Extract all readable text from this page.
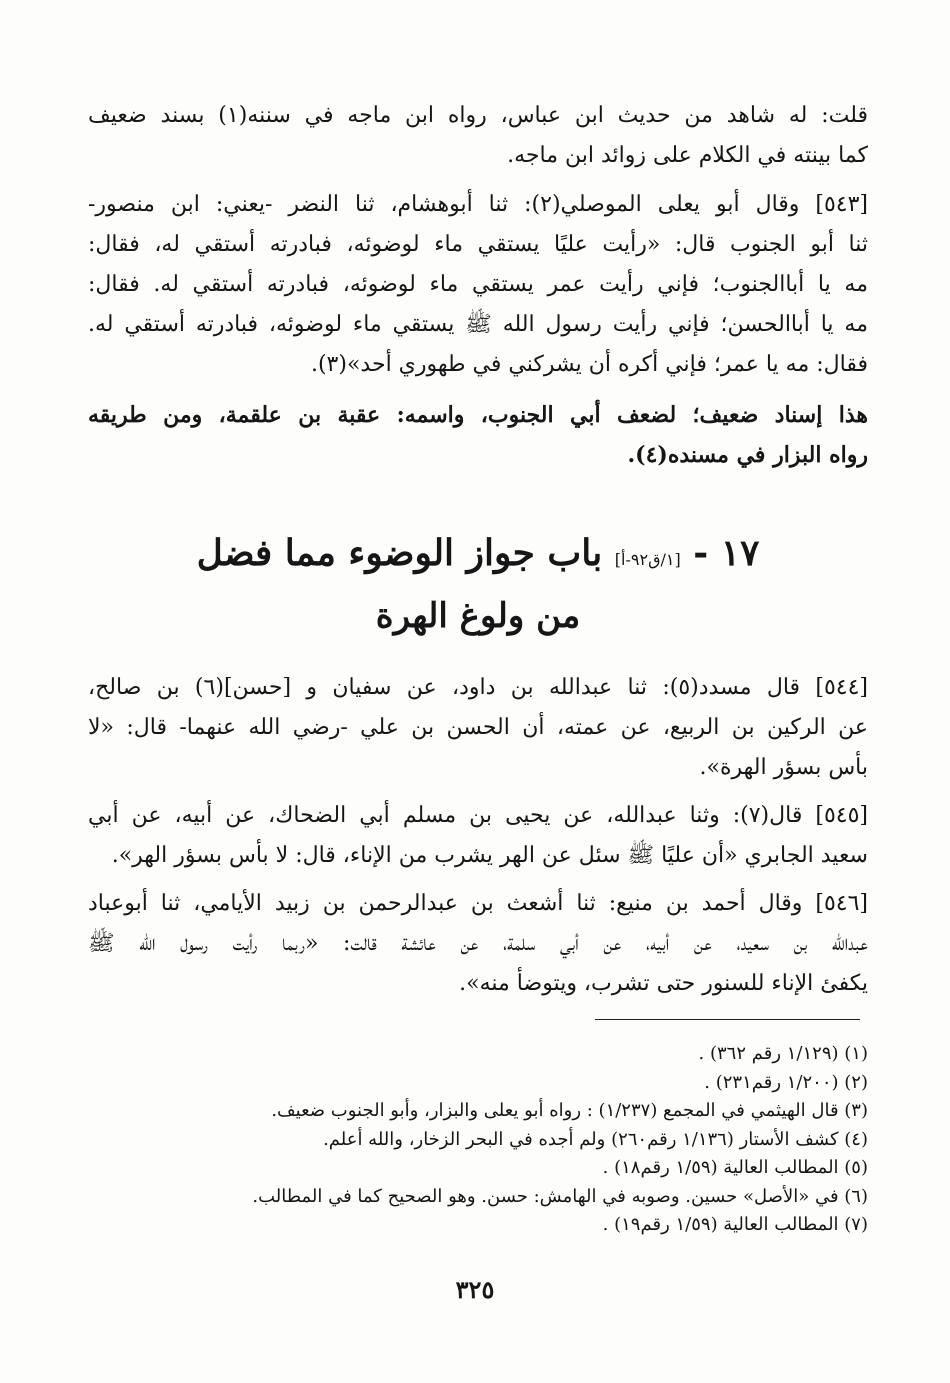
قلت: له شاهد من حديث ابن عباس، رواه ابن ماجه في سننه(١) بسند ضعيف
كما بينته في الكلام على زوائد ابن ماجه.
[٥٤٣] وقال أبو يعلى الموصلي(٢): ثنا أبوهشام، ثنا النضر -يعني: ابن منصور-
ثنا أبو الجنوب قال: «رأيت عليًا يستقي ماء لوضوئه، فبادرته أستقي له، فقال:
مه يا أباالجنوب؛ فإني رأيت عمر يستقي ماء لوضوئه، فبادرته أستقي له. فقال:
مه يا أباالحسن؛ فإني رأيت رسول الله ﷺ يستقي ماء لوضوئه، فبادرته أستقي له.
فقال: مه يا عمر؛ فإني أكره أن يشركني في طهوري أحد»(٣).
هذا إسناد ضعيف؛ لضعف أبي الجنوب، واسمه: عقبة بن علقمة، ومن طريقه
رواه البزار في مسنده(٤).
١٧ - [١/ق٩٢-أ] باب جواز الوضوء مما فضل
من ولوغ الهرة
[٥٤٤] قال مسدد(٥): ثنا عبدالله بن داود، عن سفيان و [حسن](٦) بن صالح،
عن الركين بن الربيع، عن عمته، أن الحسن بن علي -رضي الله عنهما- قال: «لا
بأس بسؤر الهرة».
[٥٤٥] قال(٧): وثنا عبدالله، عن يحيى بن مسلم أبي الضحاك، عن أبيه، عن أبي
سعيد الجابري «أن عليًا ﷺ سئل عن الهر يشرب من الإناء، قال: لا بأس بسؤر الهر».
[٥٤٦] وقال أحمد بن منيع: ثنا أشعث بن عبدالرحمن بن زبيد الأيامي، ثنا أبوعباد
عبدالله بن سعيد، عن أبيه، عن أبي سلمة، عن عائشة قالت: «ربما رأيت رسول الله ﷺ
يكفئ الإناء للسنور حتى تشرب، ويتوضأ منه».
(١) (١/١٢٩ رقم ٣٦٢) .
(٢) (١/٢٠٠ رقم٢٣١) .
(٣) قال الهيثمي في المجمع (١/٢٣٧) : رواه أبو يعلى والبزار، وأبو الجنوب ضعيف.
(٤) كشف الأستار (١/١٣٦ رقم٢٦٠) ولم أجده في البحر الزخار، والله أعلم.
(٥) المطالب العالية (١/٥٩ رقم١٨) .
(٦) في «الأصل» حسين. وصوبه في الهامش: حسن. وهو الصحيح كما في المطالب.
(٧) المطالب العالية (١/٥٩ رقم١٩) .
٣٢٥
